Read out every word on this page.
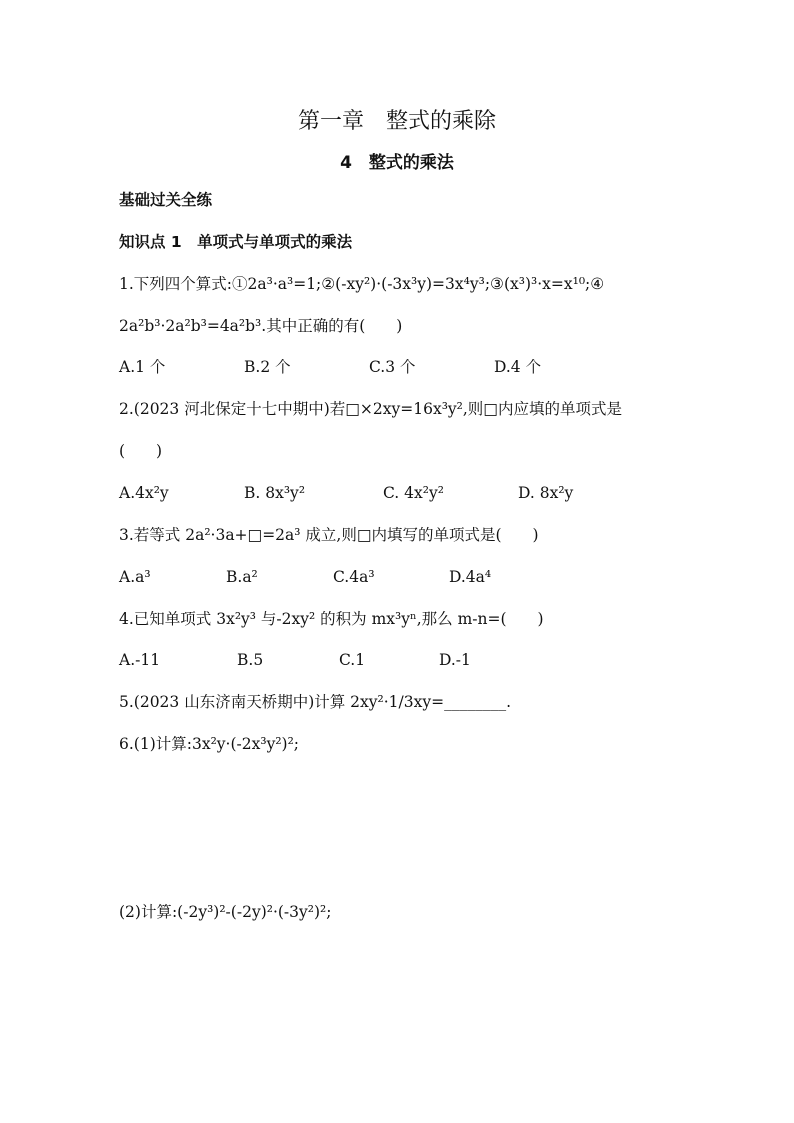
第一章　整式的乘除
4　整式的乘法
基础过关全练
知识点 1　单项式与单项式的乘法
1.下列四个算式:①2a³·a³=1;②(-xy²)·(-3x³y)=3x⁴y³;③(x³)³·x=x¹⁰;④
2a²b³·2a²b³=4a²b³.其中正确的有(　　)
A.1 个	B.2 个	C.3 个	D.4 个
2.(2023 河北保定十七中期中)若□×2xy=16x³y²,则□内应填的单项式是
(　　)
A.4x²y	B. 8x³y²	C. 4x²y²	D. 8x²y
3.若等式 2a²·3a+□=2a³ 成立,则□内填写的单项式是(　　)
A.a³	B.a²	C.4a³	D.4a⁴
4.已知单项式 3x²y³ 与-2xy² 的积为 mx³yⁿ,那么 m-n=(　　)
A.-11	B.5	C.1	D.-1
5.(2023 山东济南天桥期中)计算 2xy²·1/3xy=________.
6.(1)计算:3x²y·(-2x³y²)²;
(2)计算:(-2y³)²-(-2y)²·(-3y²)²;
